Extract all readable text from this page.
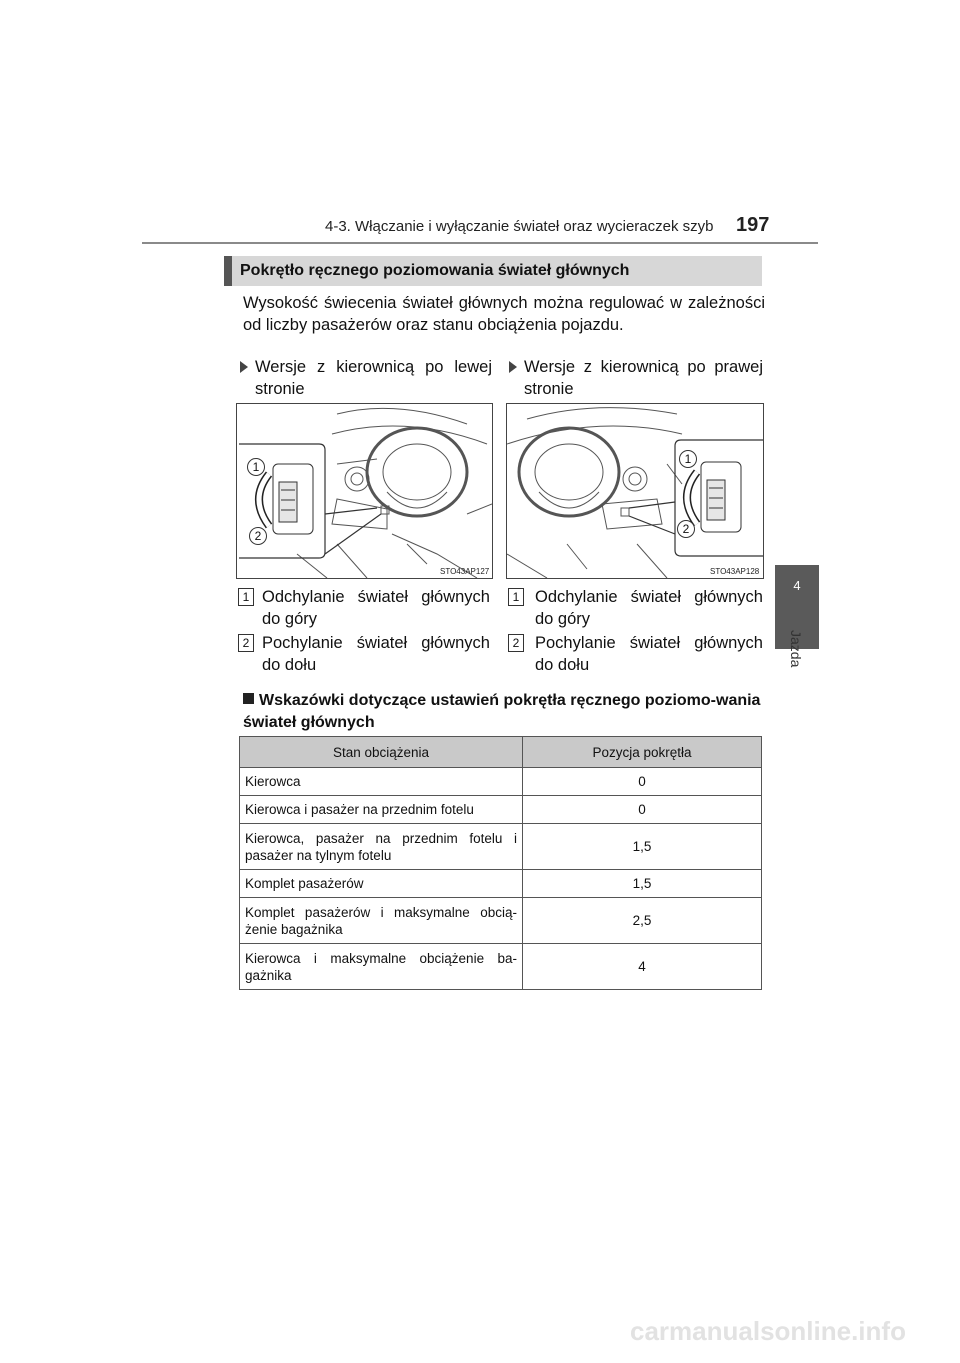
4-3. Włączanie i wyłączanie świateł oraz wycieraczek szyb 197
4
Jazda
Pokrętło ręcznego poziomowania świateł głównych
Wysokość świecenia świateł głównych można regulować w zależności od liczby pasażerów oraz stanu obciążenia pojazdu.
Wersje z kierownicą po lewej stronie
Wersje z kierownicą po prawej stronie
1
2
STO43AP127
1
2
STO43AP128
1 Odchylanie świateł głównych do góry
2 Pochylanie świateł głównych do dołu
1 Odchylanie świateł głównych do góry
2 Pochylanie świateł głównych do dołu
Wskazówki dotyczące ustawień pokrętła ręcznego poziomo-wania świateł głównych
Stan obciążenia	Pozycja pokrętła
Kierowca	0
Kierowca i pasażer na przednim fotelu	0
Kierowca, pasażer na przednim fotelu i pasażer na tylnym fotelu	1,5
Komplet pasażerów	1,5
Komplet pasażerów i maksymalne obcią-żenie bagażnika	2,5
Kierowca i maksymalne obciążenie ba-gażnika	4
carmanualsonline.info
